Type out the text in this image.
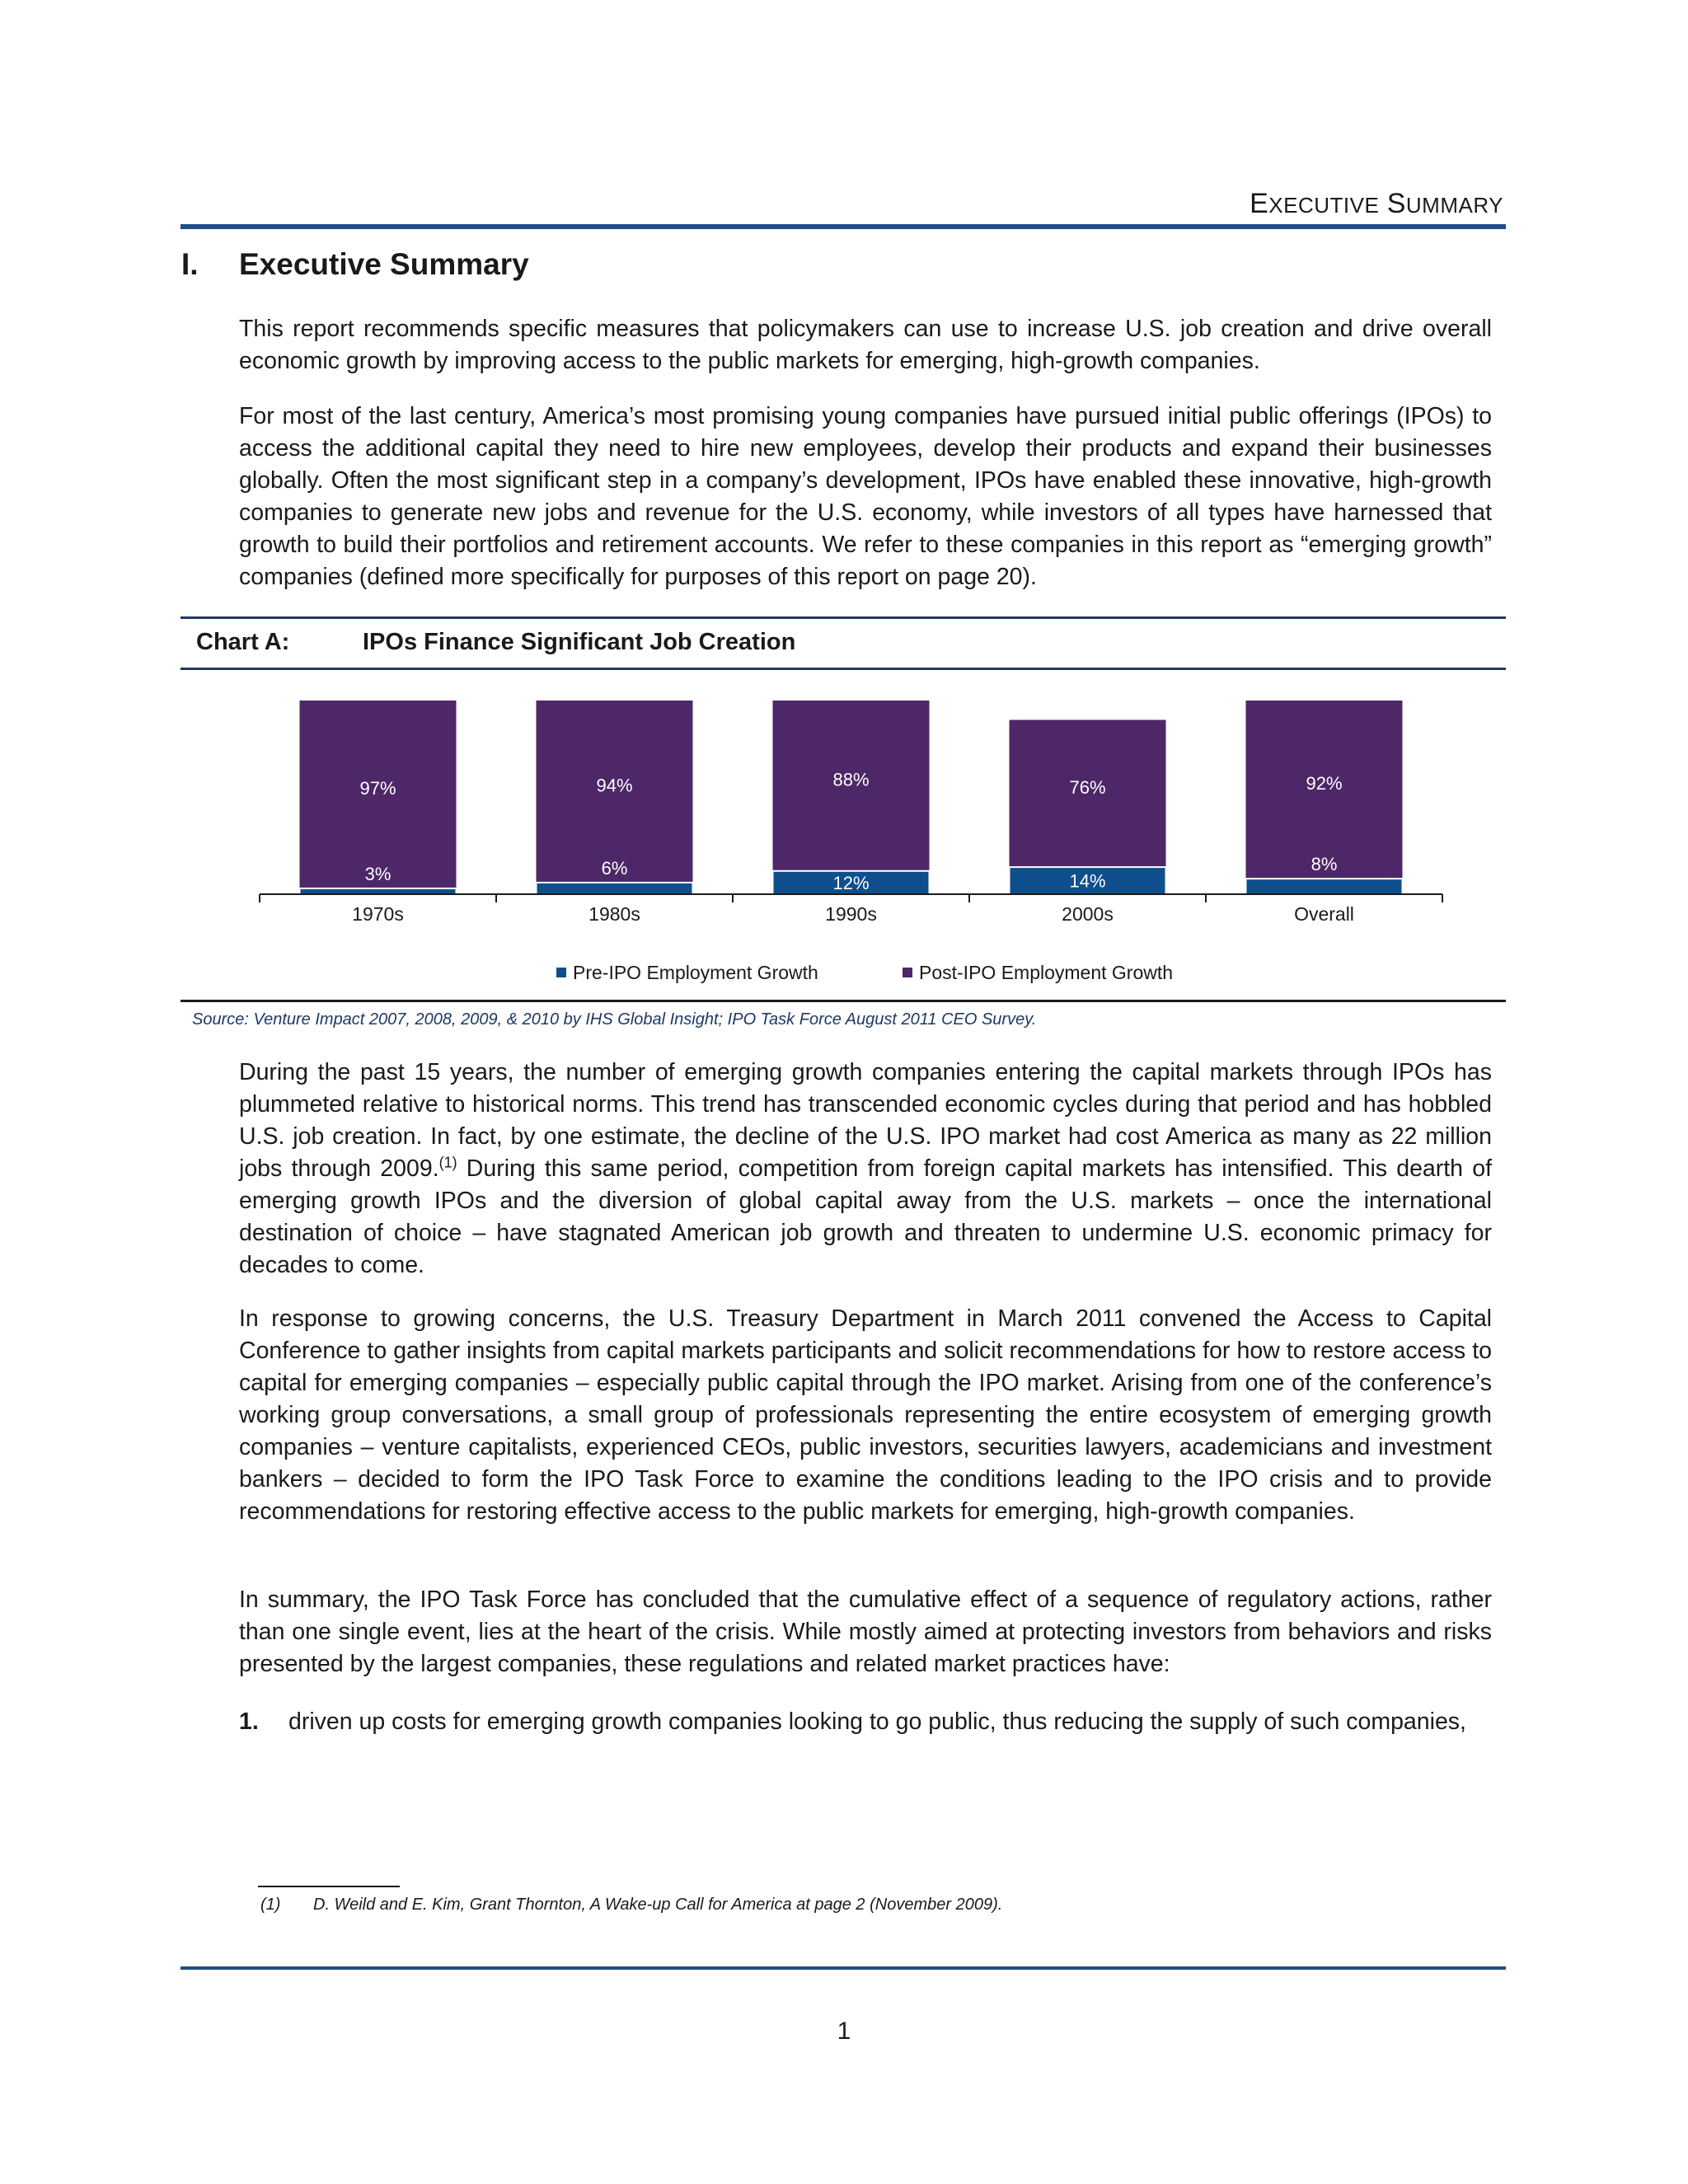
EXECUTIVE SUMMARY
I. Executive Summary
This report recommends specific measures that policymakers can use to increase U.S. job creation and drive overall economic growth by improving access to the public markets for emerging, high-growth companies.
For most of the last century, America’s most promising young companies have pursued initial public offerings (IPOs) to access the additional capital they need to hire new employees, develop their products and expand their businesses globally. Often the most significant step in a company’s development, IPOs have enabled these innovative, high-growth companies to generate new jobs and revenue for the U.S. economy, while investors of all types have harnessed that growth to build their portfolios and retirement accounts. We refer to these companies in this report as “emerging growth” companies (defined more specifically for purposes of this report on page 20).
Chart A:	IPOs Finance Significant Job Creation
97%
3%
1970s
94%
6%
1980s
88%
12%
1990s
76%
14%
2000s
92%
8%
Overall
Pre-IPO Employment Growth	Post-IPO Employment Growth
Source: Venture Impact 2007, 2008, 2009, & 2010 by IHS Global Insight; IPO Task Force August 2011 CEO Survey.
During the past 15 years, the number of emerging growth companies entering the capital markets through IPOs has plummeted relative to historical norms. This trend has transcended economic cycles during that period and has hobbled U.S. job creation. In fact, by one estimate, the decline of the U.S. IPO market had cost America as many as 22 million jobs through 2009.$^{(1)}$ During this same period, competition from foreign capital markets has intensified. This dearth of emerging growth IPOs and the diversion of global capital away from the U.S. markets – once the international destination of choice – have stagnated American job growth and threaten to undermine U.S. economic primacy for decades to come.
In response to growing concerns, the U.S. Treasury Department in March 2011 convened the Access to Capital Conference to gather insights from capital markets participants and solicit recommendations for how to restore access to capital for emerging companies – especially public capital through the IPO market. Arising from one of the conference’s working group conversations, a small group of professionals representing the entire ecosystem of emerging growth companies – venture capitalists, experienced CEOs, public investors, securities lawyers, academicians and investment bankers – decided to form the IPO Task Force to examine the conditions leading to the IPO crisis and to provide recommendations for restoring effective access to the public markets for emerging, high-growth companies.
In summary, the IPO Task Force has concluded that the cumulative effect of a sequence of regulatory actions, rather than one single event, lies at the heart of the crisis. While mostly aimed at protecting investors from behaviors and risks presented by the largest companies, these regulations and related market practices have:
1. driven up costs for emerging growth companies looking to go public, thus reducing the supply of such companies,
(1) D. Weild and E. Kim, Grant Thornton, A Wake-up Call for America at page 2 (November 2009).
1
